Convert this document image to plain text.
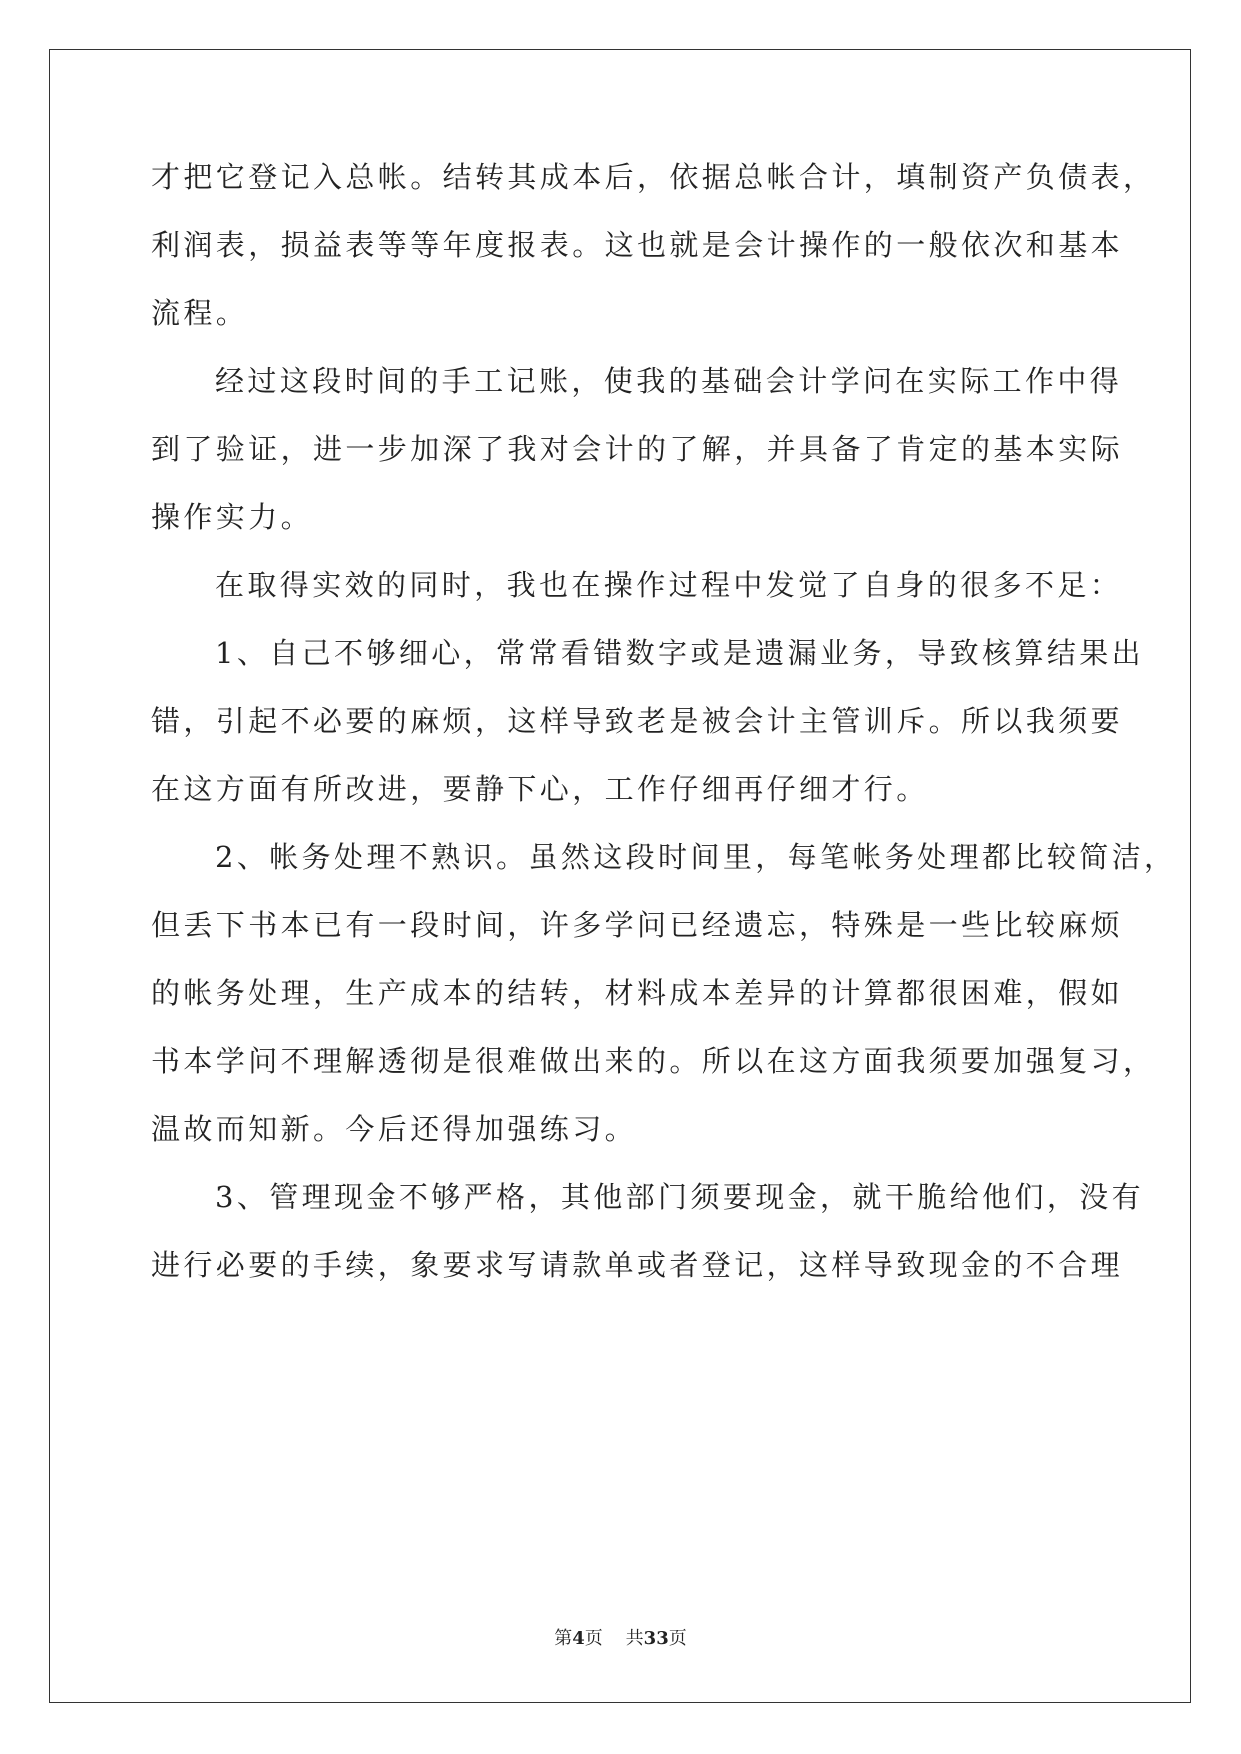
才把它登记入总帐。结转其成本后，依据总帐合计，填制资产负债表，
利润表，损益表等等年度报表。这也就是会计操作的一般依次和基本
流程。
经过这段时间的手工记账，使我的基础会计学问在实际工作中得
到了验证，进一步加深了我对会计的了解，并具备了肯定的基本实际
操作实力。
在取得实效的同时，我也在操作过程中发觉了自身的很多不足：
1、自己不够细心，常常看错数字或是遗漏业务，导致核算结果出
错，引起不必要的麻烦，这样导致老是被会计主管训斥。所以我须要
在这方面有所改进，要静下心，工作仔细再仔细才行。
2、帐务处理不熟识。虽然这段时间里，每笔帐务处理都比较简洁，
但丢下书本已有一段时间，许多学问已经遗忘，特殊是一些比较麻烦
的帐务处理，生产成本的结转，材料成本差异的计算都很困难，假如
书本学问不理解透彻是很难做出来的。所以在这方面我须要加强复习，
温故而知新。今后还得加强练习。
3、管理现金不够严格，其他部门须要现金，就干脆给他们，没有
进行必要的手续，象要求写请款单或者登记，这样导致现金的不合理
第4页 共33页
